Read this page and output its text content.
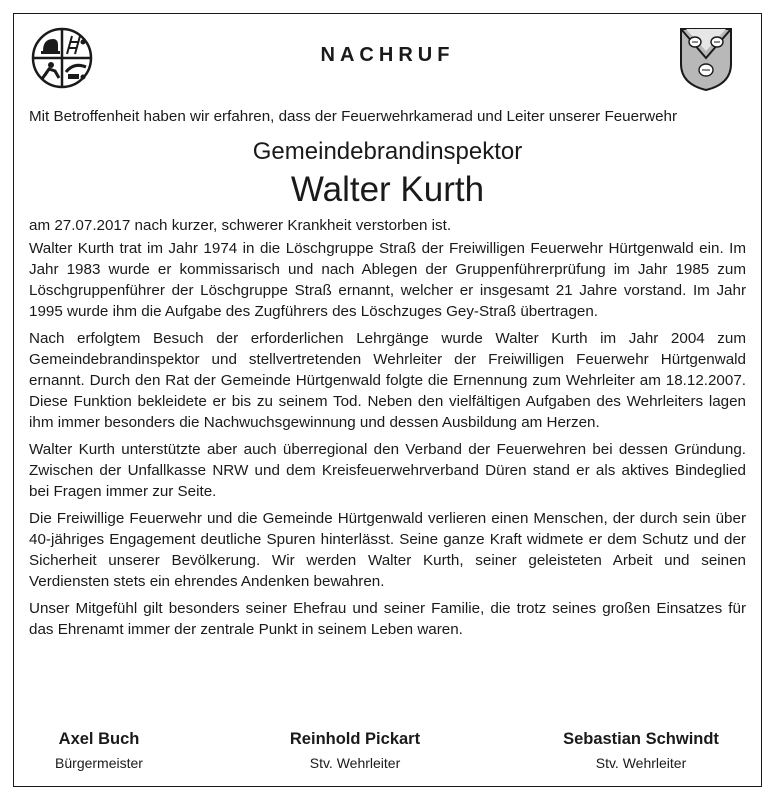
NACHRUF

Mit Betroffenheit haben wir erfahren, dass der Feuerwehrkamerad und Leiter unserer Feuerwehr

Gemeindebrandinspektor
Walter Kurth

am 27.07.2017 nach kurzer, schwerer Krankheit verstorben ist.

Walter Kurth trat im Jahr 1974 in die Löschgruppe Straß der Freiwilligen Feuerwehr Hürtgenwald ein. Im Jahr 1983 wurde er kommissarisch und nach Ablegen der Gruppenführerprüfung im Jahr 1985 zum Löschgruppenführer der Löschgruppe Straß ernannt, welcher er insgesamt 21 Jahre vorstand. Im Jahr 1995 wurde ihm die Aufgabe des Zugführers des Löschzuges Gey-Straß übertragen.

Nach erfolgtem Besuch der erforderlichen Lehrgänge wurde Walter Kurth im Jahr 2004 zum Gemeindebrandinspektor und stellvertretenden Wehrleiter der Freiwilligen Feuerwehr Hürtgenwald ernannt. Durch den Rat der Gemeinde Hürtgenwald folgte die Ernennung zum Wehrleiter am 18.12.2007. Diese Funktion bekleidete er bis zu seinem Tod. Neben den vielfältigen Aufgaben des Wehrleiters lagen ihm immer besonders die Nachwuchsgewinnung und dessen Ausbildung am Herzen.

Walter Kurth unterstützte aber auch überregional den Verband der Feuerwehren bei dessen Gründung. Zwischen der Unfallkasse NRW und dem Kreisfeuerwehrverband Düren stand er als aktives Bindeglied bei Fragen immer zur Seite.

Die Freiwillige Feuerwehr und die Gemeinde Hürtgenwald verlieren einen Menschen, der durch sein über 40-jähriges Engagement deutliche Spuren hinterlässt. Seine ganze Kraft widmete er dem Schutz und der Sicherheit unserer Bevölkerung. Wir werden Walter Kurth, seiner geleisteten Arbeit und seinen Verdiensten stets ein ehrendes Andenken bewahren.

Unser Mitgefühl gilt besonders seiner Ehefrau und seiner Familie, die trotz seines großen Einsatzes für das Ehrenamt immer der zentrale Punkt in seinem Leben waren.

Axel Buch
Bürgermeister
Reinhold Pickart
Stv. Wehrleiter
Sebastian Schwindt
Stv. Wehrleiter
